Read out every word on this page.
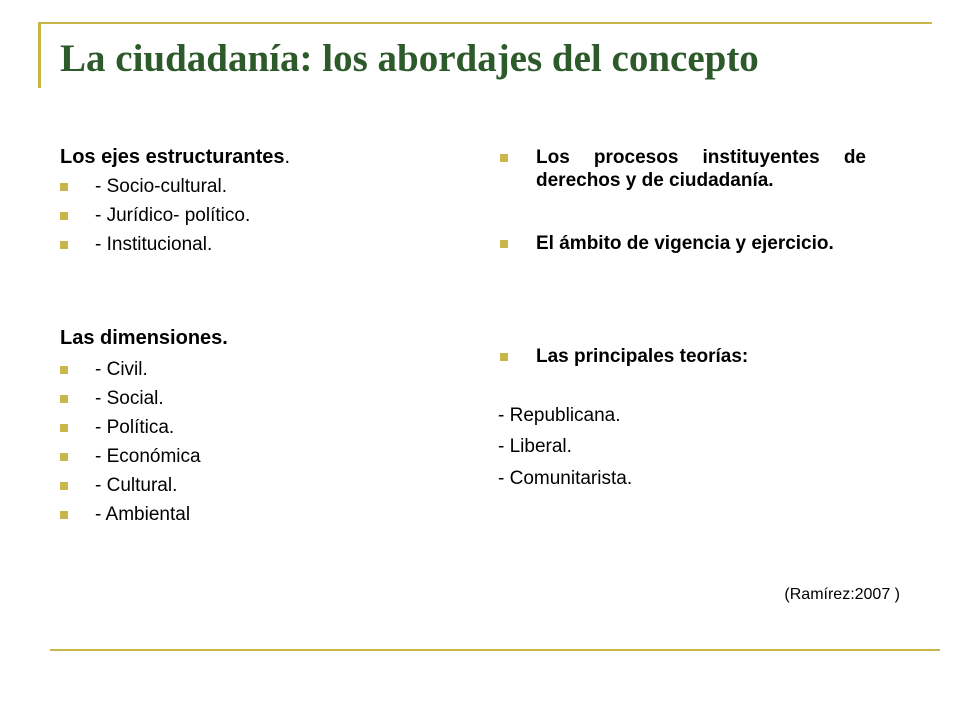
La ciudadanía: los abordajes del concepto
Los ejes estructurantes.
- Socio-cultural.
- Jurídico- político.
- Institucional.
Las dimensiones.
- Civil.
- Social.
- Política.
- Económica
- Cultural.
- Ambiental
Los procesos instituyentes de derechos y de ciudadanía.
El ámbito de vigencia y ejercicio.
Las principales teorías:
- Republicana.
- Liberal.
- Comunitarista.
(Ramírez:2007 )
